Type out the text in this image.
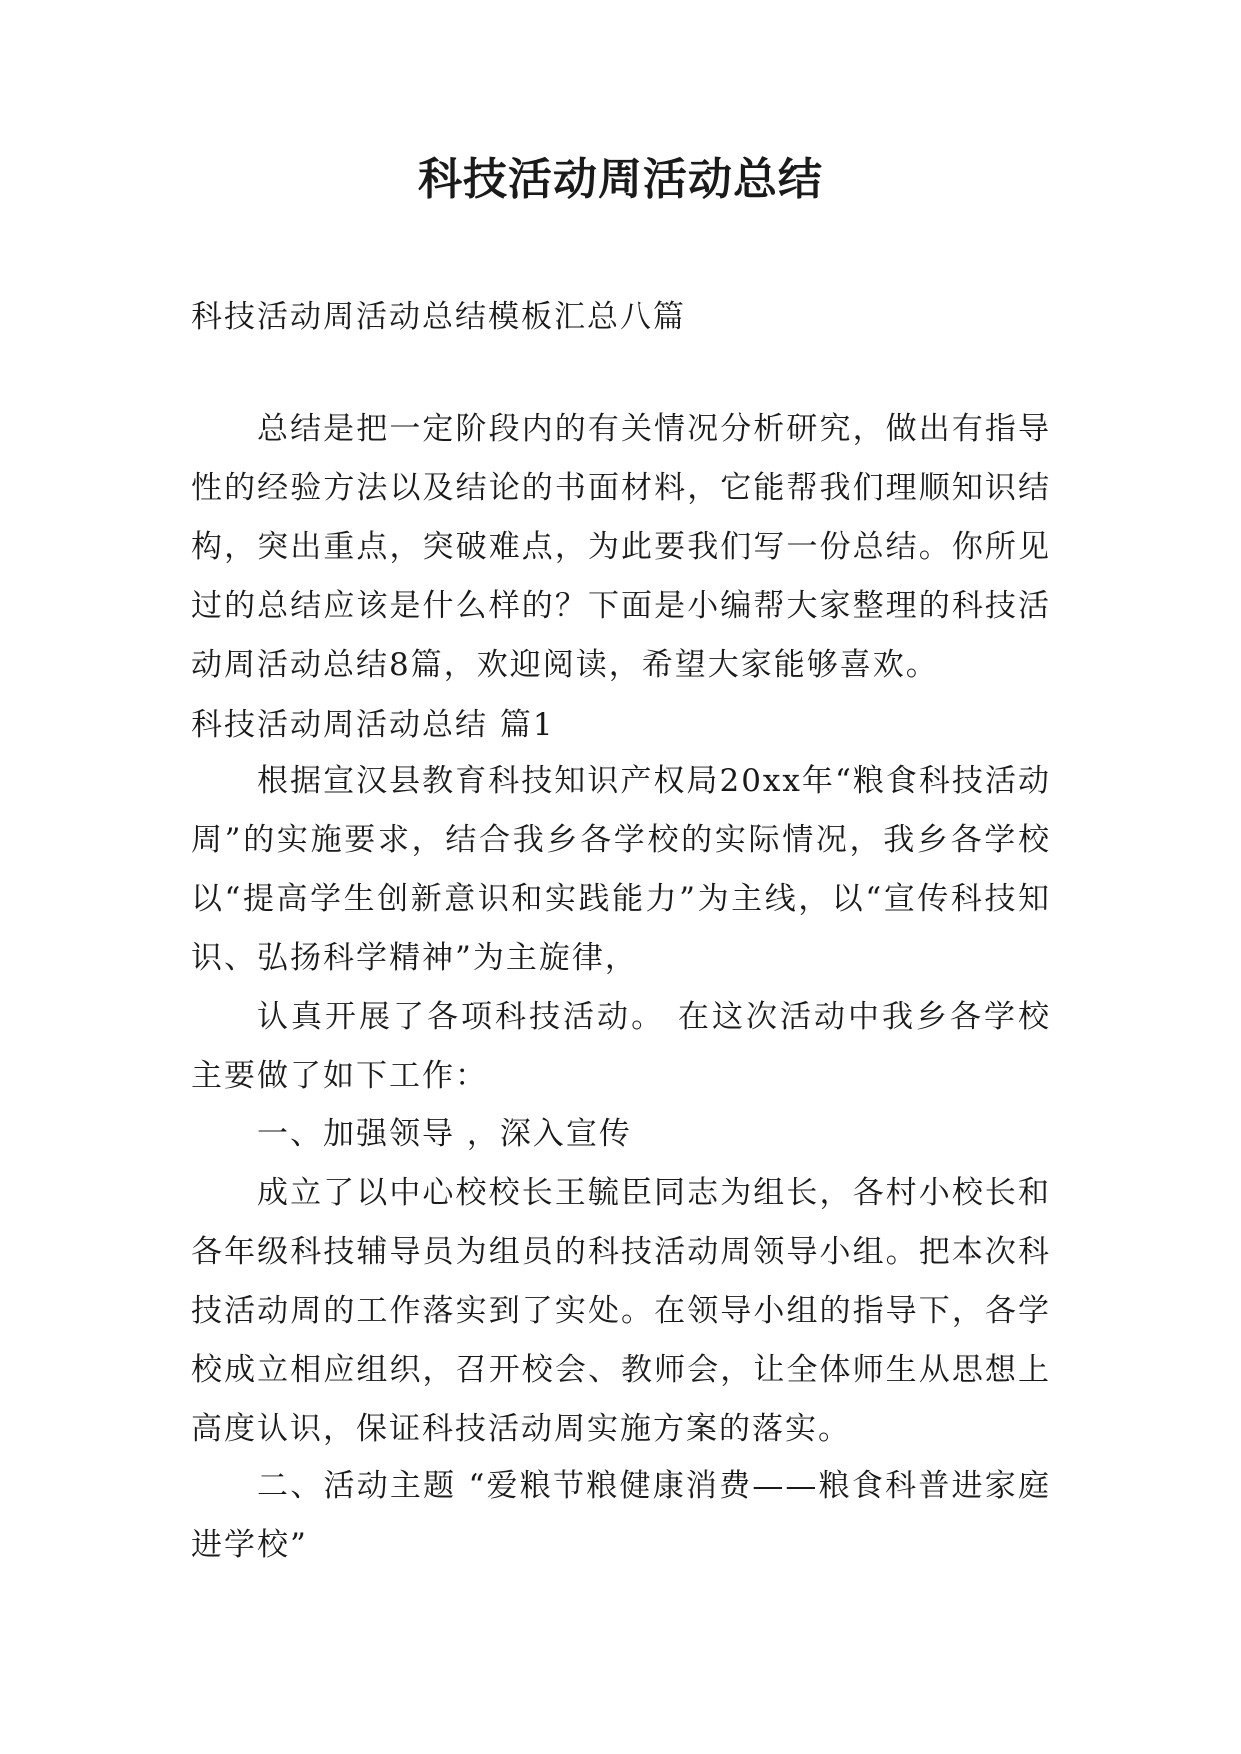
科技活动周活动总结
科技活动周活动总结模板汇总八篇
总结是把一定阶段内的有关情况分析研究，做出有指导性的经验方法以及结论的书面材料，它能帮我们理顺知识结构，突出重点，突破难点，为此要我们写一份总结。你所见过的总结应该是什么样的？下面是小编帮大家整理的科技活动周活动总结8篇，欢迎阅读，希望大家能够喜欢。
科技活动周活动总结 篇1
根据宣汉县教育科技知识产权局20xx年“粮食科技活动周”的实施要求，结合我乡各学校的实际情况，我乡各学校以“提高学生创新意识和实践能力”为主线，以“宣传科技知识、弘扬科学精神”为主旋律，
认真开展了各项科技活动。 在这次活动中我乡各学校主要做了如下工作：
一、加强领导 ，深入宣传
成立了以中心校校长王毓臣同志为组长，各村小校长和各年级科技辅导员为组员的科技活动周领导小组。把本次科技活动周的工作落实到了实处。在领导小组的指导下，各学校成立相应组织，召开校会、教师会，让全体师生从思想上高度认识，保证科技活动周实施方案的落实。
二、活动主题 “爱粮节粮健康消费——粮食科普进家庭进学校”
